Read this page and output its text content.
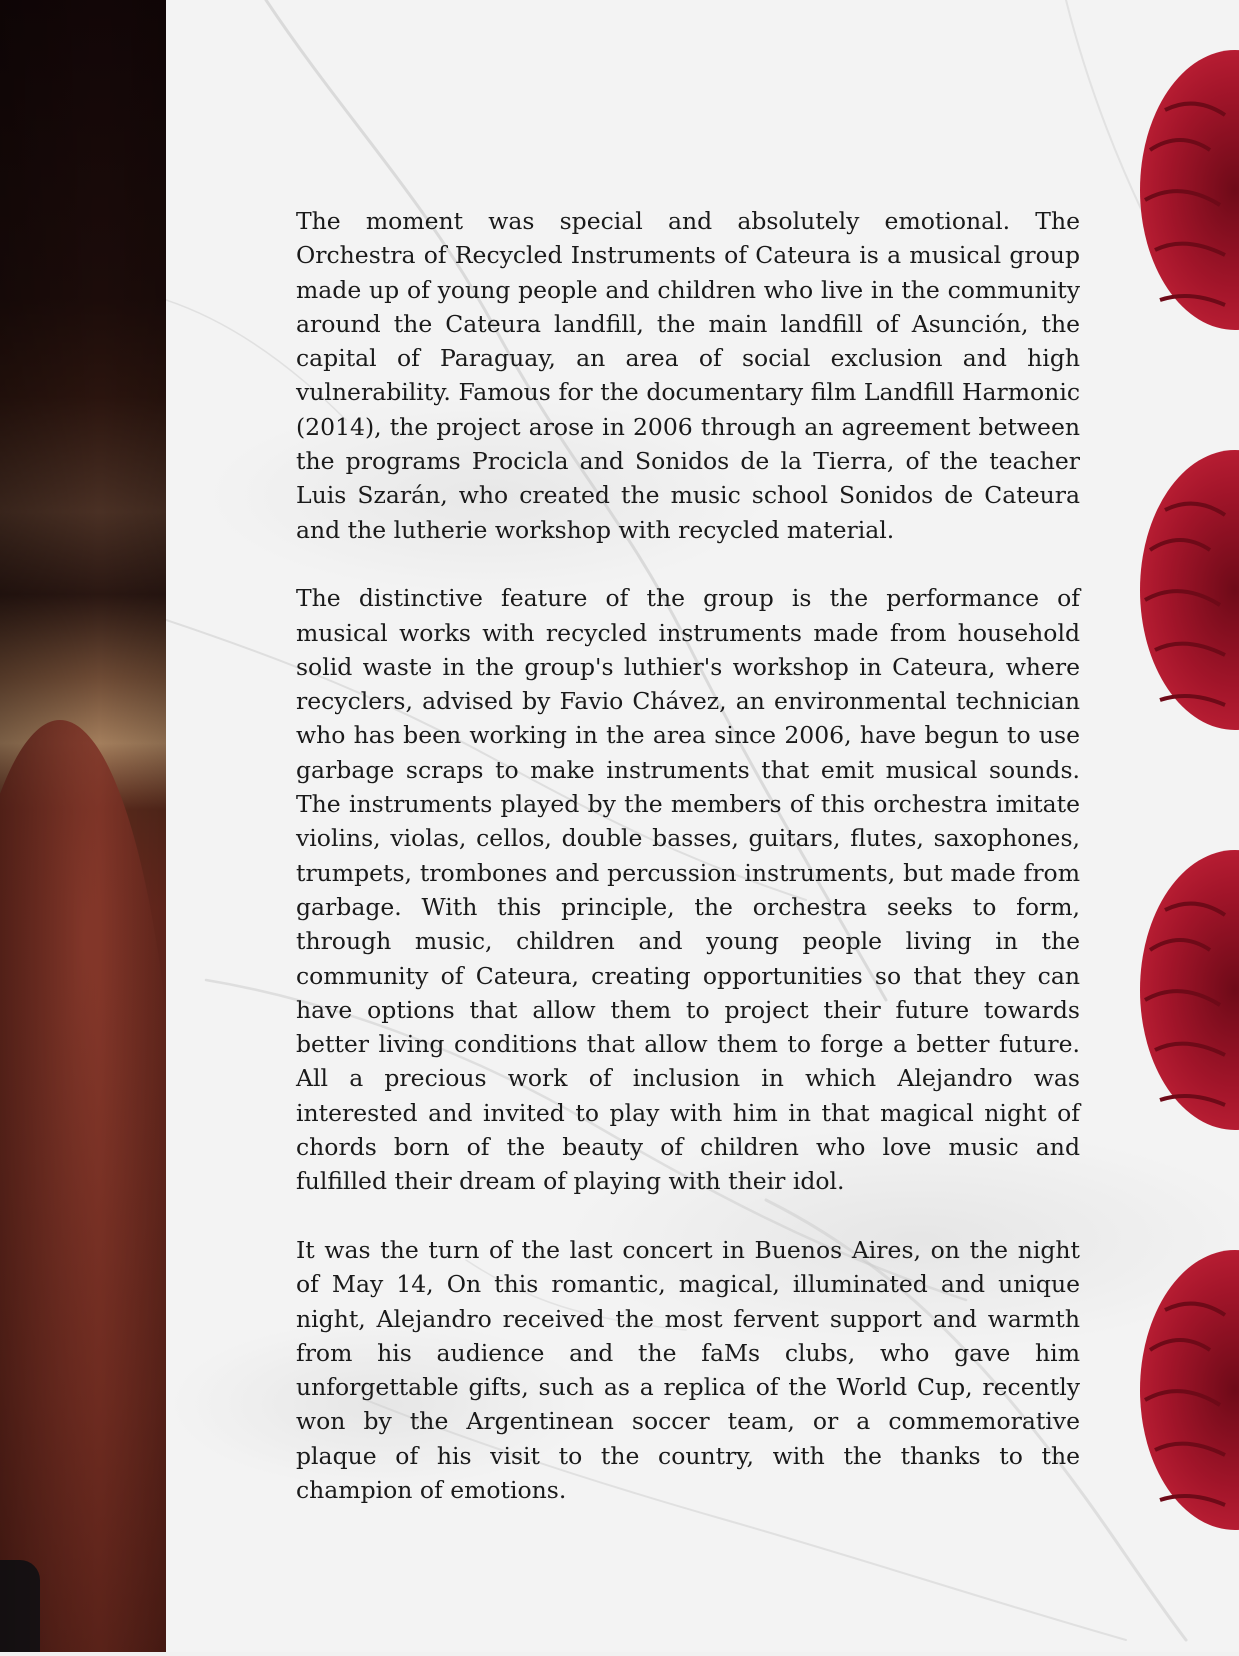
The moment was special and absolutely emotional. The Orchestra of Recycled Instruments of Cateura is a musical group made up of young people and children who live in the community around the Cateura landfill, the main landfill of Asunción, the capital of Paraguay, an area of social exclusion and high vulnerability. Famous for the documentary film Landfill Harmonic (2014), the project arose in 2006 through an agreement between the programs Procicla and Sonidos de la Tierra, of the teacher Luis Szarán, who created the music school Sonidos de Cateura and the lutherie workshop with recycled material.

The distinctive feature of the group is the performance of musical works with recycled instruments made from household solid waste in the group's luthier's workshop in Cateura, where recyclers, advised by Favio Chávez, an environmental technician who has been working in the area since 2006, have begun to use garbage scraps to make instruments that emit musical sounds. The instruments played by the members of this orchestra imitate violins, violas, cellos, double basses, guitars, flutes, saxophones, trumpets, trombones and percussion instruments, but made from garbage. With this principle, the orchestra seeks to form, through music, children and young people living in the community of Cateura, creating opportunities so that they can have options that allow them to project their future towards better living conditions that allow them to forge a better future. All a precious work of inclusion in which Alejandro was interested and invited to play with him in that magical night of chords born of the beauty of children who love music and fulfilled their dream of playing with their idol.

It was the turn of the last concert in Buenos Aires, on the night of May 14, On this romantic, magical, illuminated and unique night, Alejandro received the most fervent support and warmth from his audience and the faMs clubs, who gave him unforgettable gifts, such as a replica of the World Cup, recently won by the Argentinean soccer team, or a commemorative plaque of his visit to the country, with the thanks to the champion of emotions.
